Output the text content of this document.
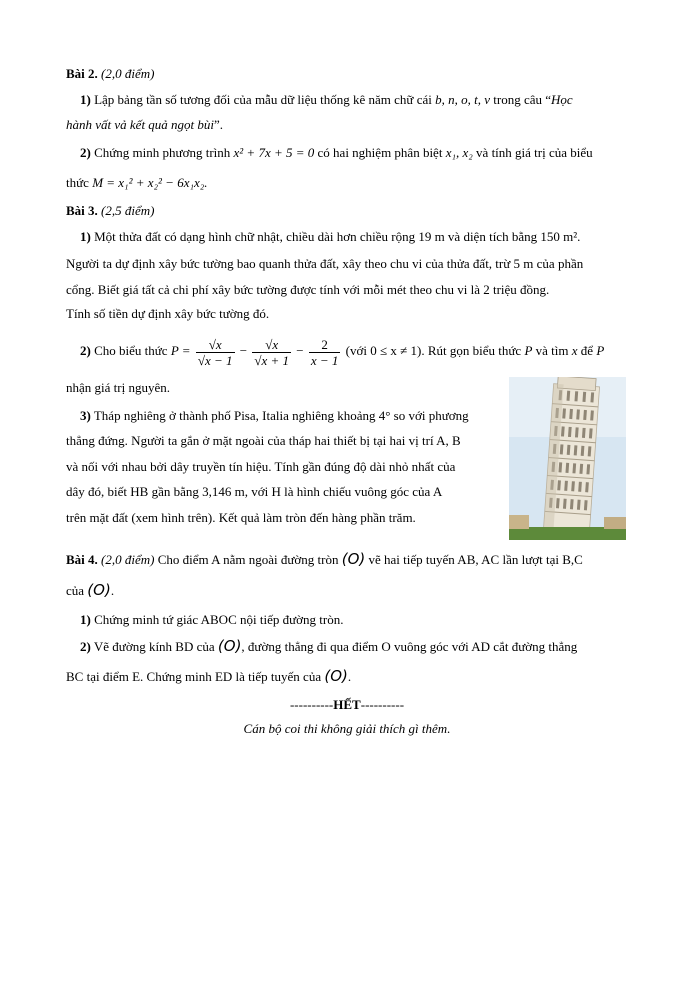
Bài 2. (2,0 điểm)
1) Lập bảng tần số tương đối của mẫu dữ liệu thống kê năm chữ cái b, n, o, t, v trong câu “Học
hành vất vả kết quả ngọt bùi”.
2) Chứng minh phương trình x² + 7x + 5 = 0 có hai nghiệm phân biệt x₁, x₂ và tính giá trị của biểu
thức M = x₁² + x₂² − 6x₁x₂.
Bài 3. (2,5 điểm)
1) Một thửa đất có dạng hình chữ nhật, chiều dài hơn chiều rộng 19 m và diện tích bằng 150 m².
Người ta dự định xây bức tường bao quanh thửa đất, xây theo chu vi của thửa đất, trừ 5 m của phần
cổng. Biết giá tất cả chi phí xây bức tường được tính với mỗi mét theo chu vi là 2 triệu đồng.
Tính số tiền dự định xây bức tường đó.
2) Cho biểu thức $P = \frac{√x}{√x - 1} - \frac{√x}{√x + 1} - \frac{2}{x - 1}$ (với 0 ≤ x ≠ 1). Rút gọn biểu thức P và tìm x để P
nhận giá trị nguyên.
3) Tháp nghiêng ở thành phố Pisa, Italia nghiêng khoảng 4° so với phương
thẳng đứng. Người ta gắn ở mặt ngoài của tháp hai thiết bị tại hai vị trí A, B
và nối với nhau bởi dây truyền tín hiệu. Tính gần đúng độ dài nhỏ nhất của
dây đó, biết HB gần bằng 3,146 m, với H là hình chiếu vuông góc của A
trên mặt đất (xem hình trên). Kết quả làm tròn đến hàng phần trăm.
Bài 4. (2,0 điểm) Cho điểm A nằm ngoài đường tròn (O) vẽ hai tiếp tuyến AB, AC lần lượt tại B,C
của (O).
1) Chứng minh tứ giác ABOC nội tiếp đường tròn.
2) Vẽ đường kính BD của (O), đường thẳng đi qua điểm O vuông góc với AD cắt đường thẳng
BC tại điểm E. Chứng minh ED là tiếp tuyến của (O).
----------HẾT----------
Cán bộ coi thi không giải thích gì thêm.
